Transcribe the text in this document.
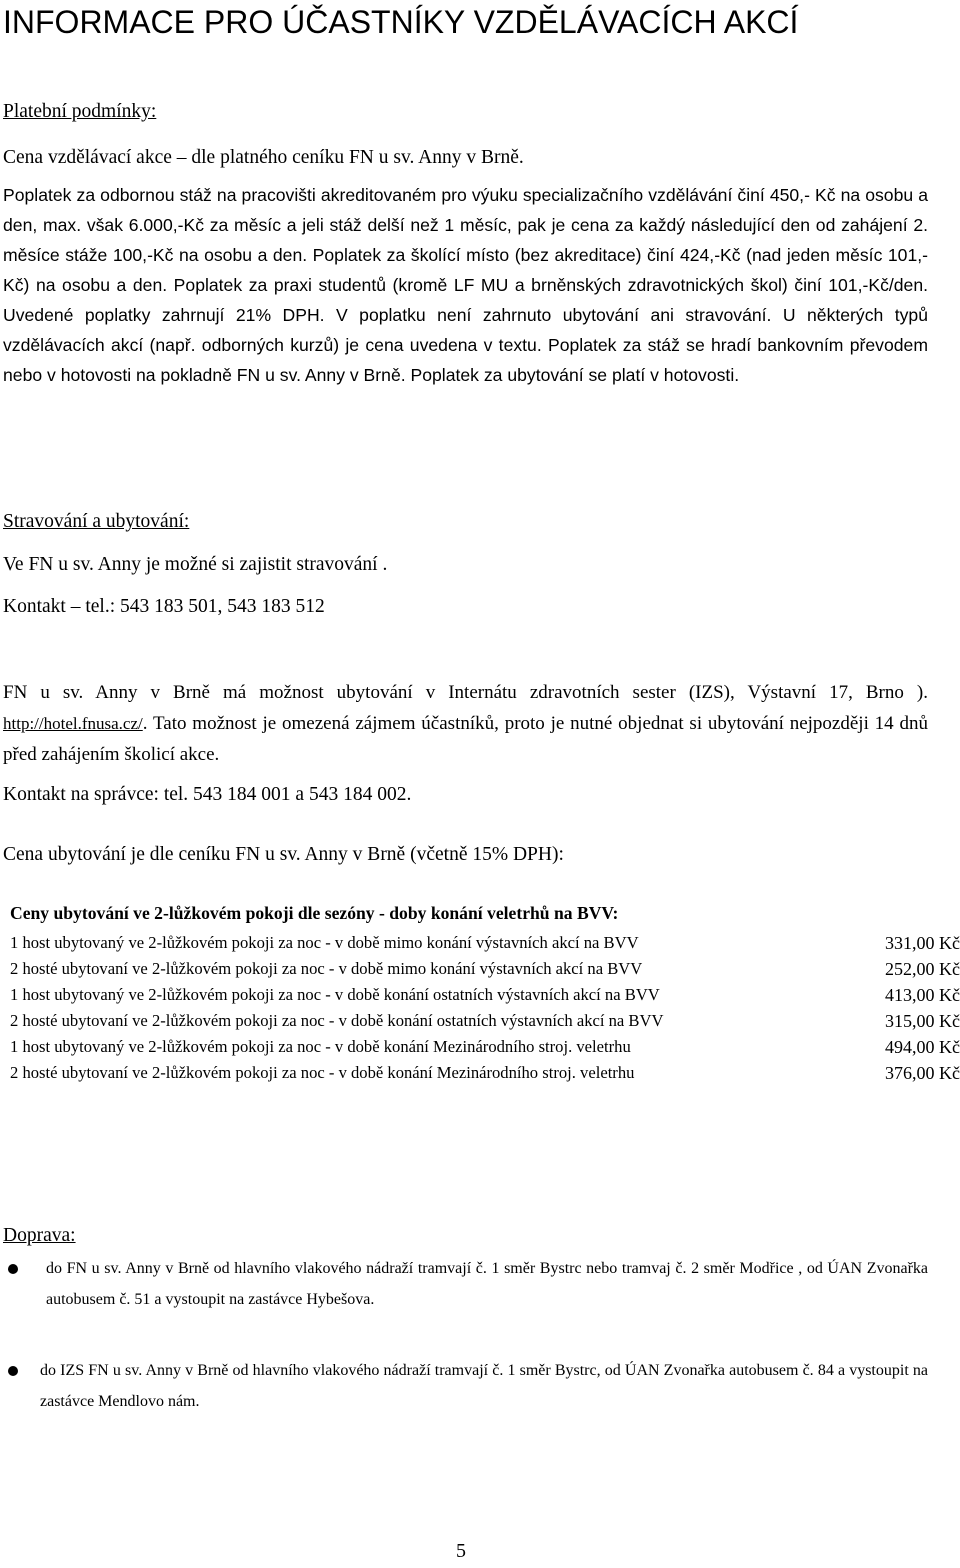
INFORMACE PRO ÚČASTNÍKY VZDĚLÁVACÍCH AKCÍ
Platební podmínky:
Cena vzdělávací akce – dle platného ceníku FN u sv. Anny v Brně.

Poplatek za odbornou stáž na pracovišti akreditovaném pro výuku specializačního vzdělávání činí 450,- Kč na osobu a den, max. však 6.000,-Kč za měsíc a jeli stáž delší než 1 měsíc, pak je cena za každý následující den od zahájení 2. měsíce stáže 100,-Kč na osobu a den. Poplatek za školící místo (bez akreditace) činí 424,-Kč (nad jeden měsíc 101,- Kč) na osobu a den. Poplatek za praxi studentů (kromě LF MU a brněnských zdravotnických škol) činí 101,-Kč/den. Uvedené poplatky zahrnují 21% DPH. V poplatku není zahrnuto ubytování ani stravování. U některých typů vzdělávacích akcí (např. odborných kurzů) je cena uvedena v textu. Poplatek za stáž se hradí bankovním převodem nebo v hotovosti na pokladně FN u sv. Anny v Brně. Poplatek za ubytování se platí v hotovosti.

Stravování a ubytování:
Ve FN u sv. Anny je možné si zajistit stravování .
Kontakt – tel.: 543 183 501, 543 183 512

FN u sv. Anny v Brně má možnost ubytování v Internátu zdravotních sester (IZS), Výstavní 17, Brno ). http://hotel.fnusa.cz/. Tato možnost je omezená zájmem účastníků, proto je nutné objednat si ubytování nejpozději 14 dnů před zahájením školicí akce.

Kontakt na správce: tel. 543 184 001 a 543 184 002.
Cena ubytování je dle ceníku FN u sv. Anny v Brně (včetně 15% DPH):
Ceny ubytování ve 2-lůžkovém pokoji dle sezóny - doby konání veletrhů na BVV:
1 host ubytovaný ve 2-lůžkovém pokoji za noc - v době mimo konání výstavních akcí na BVV	331,00 Kč
2 hosté ubytovaní ve 2-lůžkovém pokoji za noc - v době mimo konání výstavních akcí na BVV	252,00 Kč
1 host ubytovaný ve 2-lůžkovém pokoji za noc - v době konání ostatních výstavních akcí na BVV	413,00 Kč
2 hosté ubytovaní ve 2-lůžkovém pokoji za noc - v době konání ostatních výstavních akcí na BVV	315,00 Kč
1 host ubytovaný ve 2-lůžkovém pokoji za noc - v době konání Mezinárodního stroj. veletrhu	494,00 Kč
2 hosté ubytovaní ve 2-lůžkovém pokoji za noc - v době konání Mezinárodního stroj. veletrhu	376,00 Kč
Doprava:

do FN u sv. Anny v Brně od hlavního vlakového nádraží tramvají č. 1 směr Bystrc nebo tramvaj č. 2 směr Modřice , od ÚAN Zvonařka autobusem č. 51 a vystoupit na zastávce Hybešova.

do IZS FN u sv. Anny v Brně od hlavního vlakového nádraží tramvají č. 1 směr Bystrc, od ÚAN Zvonařka autobusem č. 84 a vystoupit na zastávce Mendlovo nám.

5
